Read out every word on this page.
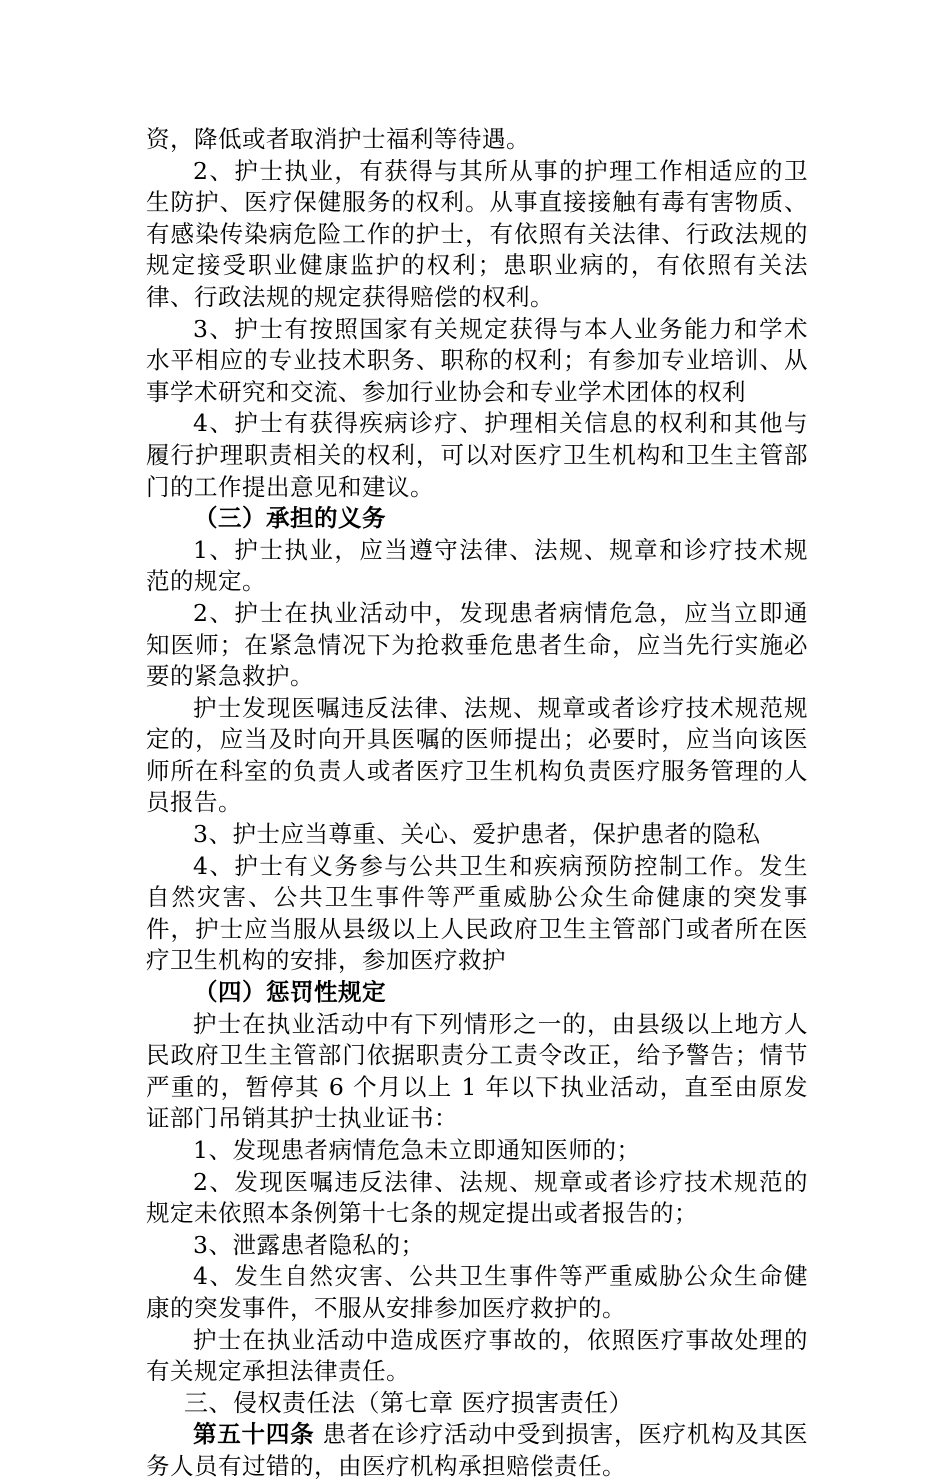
资，降低或者取消护士福利等待遇。

2、护士执业，有获得与其所从事的护理工作相适应的卫生防护、医疗保健服务的权利。从事直接接触有毒有害物质、有感染传染病危险工作的护士，有依照有关法律、行政法规的规定接受职业健康监护的权利；患职业病的，有依照有关法律、行政法规的规定获得赔偿的权利。

3、护士有按照国家有关规定获得与本人业务能力和学术水平相应的专业技术职务、职称的权利；有参加专业培训、从事学术研究和交流、参加行业协会和专业学术团体的权利

4、护士有获得疾病诊疗、护理相关信息的权利和其他与履行护理职责相关的权利，可以对医疗卫生机构和卫生主管部门的工作提出意见和建议。

（三）承担的义务

1、护士执业，应当遵守法律、法规、规章和诊疗技术规范的规定。

2、护士在执业活动中，发现患者病情危急，应当立即通知医师；在紧急情况下为抢救垂危患者生命，应当先行实施必要的紧急救护。

护士发现医嘱违反法律、法规、规章或者诊疗技术规范规定的，应当及时向开具医嘱的医师提出；必要时，应当向该医师所在科室的负责人或者医疗卫生机构负责医疗服务管理的人员报告。

3、护士应当尊重、关心、爱护患者，保护患者的隐私

4、护士有义务参与公共卫生和疾病预防控制工作。发生自然灾害、公共卫生事件等严重威胁公众生命健康的突发事件，护士应当服从县级以上人民政府卫生主管部门或者所在医疗卫生机构的安排，参加医疗救护

（四）惩罚性规定

护士在执业活动中有下列情形之一的，由县级以上地方人民政府卫生主管部门依据职责分工责令改正，给予警告；情节严重的，暂停其 6 个月以上 1 年以下执业活动，直至由原发证部门吊销其护士执业证书：

1、发现患者病情危急未立即通知医师的；

2、发现医嘱违反法律、法规、规章或者诊疗技术规范的规定未依照本条例第十七条的规定提出或者报告的；

3、泄露患者隐私的；

4、发生自然灾害、公共卫生事件等严重威胁公众生命健康的突发事件，不服从安排参加医疗救护的。

护士在执业活动中造成医疗事故的，依照医疗事故处理的有关规定承担法律责任。

三、侵权责任法（第七章 医疗损害责任）

第五十四条 患者在诊疗活动中受到损害，医疗机构及其医务人员有过错的，由医疗机构承担赔偿责任。
